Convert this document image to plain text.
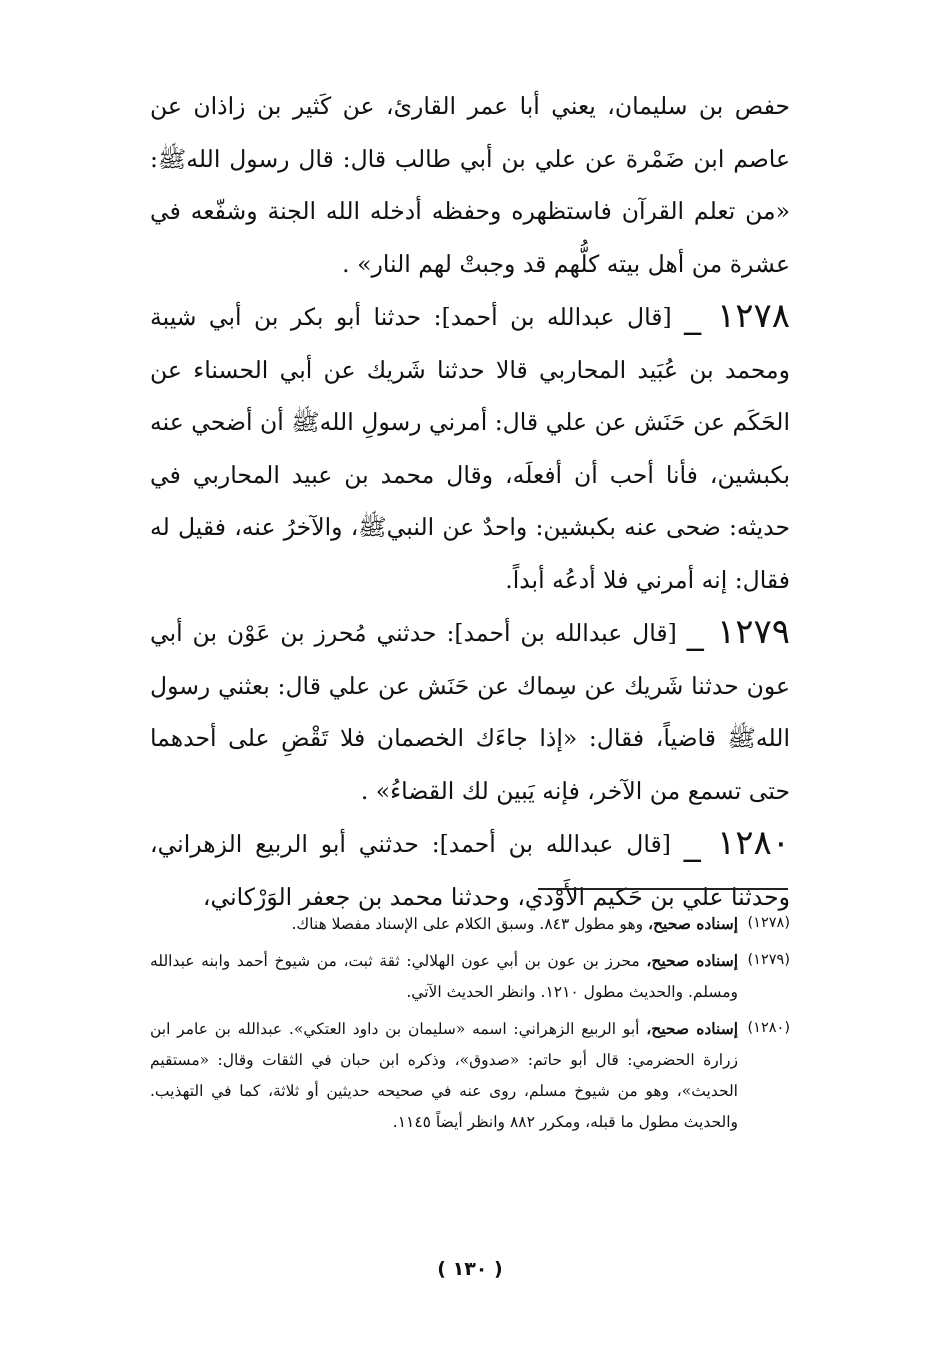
حفص بن سليمان، يعني أبا عمر القارئ، عن كَثير بن زاذان عن عاصم ابن ضَمْرة عن علي بن أبي طالب قال: قال رسول اللهﷺ: «من تعلم القرآن فاستظهره وحفظه أدخله الله الجنة وشفّعه في عشرة من أهل بيته كلُّهم قد وجبتْ لهم النار» .

١٢٧٨ _ [قال عبدالله بن أحمد]: حدثنا أبو بكر بن أبي شيبة ومحمد بن عُبَيد المحاربي قالا حدثنا شَريك عن أبي الحسناء عن الحَكَم عن حَنَش عن علي قال: أمرني رسولِ اللهﷺ أن أضحي عنه بكبشين، فأنا أحب أن أفعلَه، وقال محمد بن عبيد المحاربي في حديثه: ضحى عنه بكبشين: واحدٌ عن النبيﷺ، والآخرُ عنه، فقيل له فقال: إنه أمرني فلا أدعُه أبداً.

١٢٧٩ _ [قال عبدالله بن أحمد]: حدثني مُحرز بن عَوْن بن أبي عون حدثنا شَريك عن سِماك عن حَنَش عن علي قال: بعثني رسول اللهﷺ قاضياً، فقال: «إذا جاءَك الخصمان فلا تَقْضِ على أحدهما حتى تسمع من الآخر، فإنه يَبين لك القضاءُ» .

١٢٨٠ _ [قال عبدالله بن أحمد]: حدثني أبو الربيع الزهراني، وحدثنا علي بن حَكيم الأَوْدي، وحدثنا محمد بن جعفر الوَرْكاني،

(١٢٧٨)
إسناده صحيح، وهو مطول ٨٤٣. وسبق الكلام على الإسناد مفصلا هناك.

(١٢٧٩)
إسناده صحيح، محرز بن عون بن أبي عون الهلالي: ثقة ثبت، من شيوخ أحمد وابنه عبدالله ومسلم. والحديث مطول ١٢١٠. وانظر الحديث الآتي.

(١٢٨٠)
إسناده صحيح، أبو الربيع الزهراني: اسمه «سليمان بن داود العتكي». عبدالله بن عامر ابن زرارة الحضرمي: قال أبو حاتم: «صدوق»، وذكره ابن حبان في الثقات وقال: «مستقيم الحديث»، وهو من شيوخ مسلم، روى عنه في صحيحه حديثين أو ثلاثة، كما في التهذيب. والحديث مطول ما قبله، ومكرر ٨٨٢ وانظر أيضاً ١١٤٥.

( ١٣٠ )
